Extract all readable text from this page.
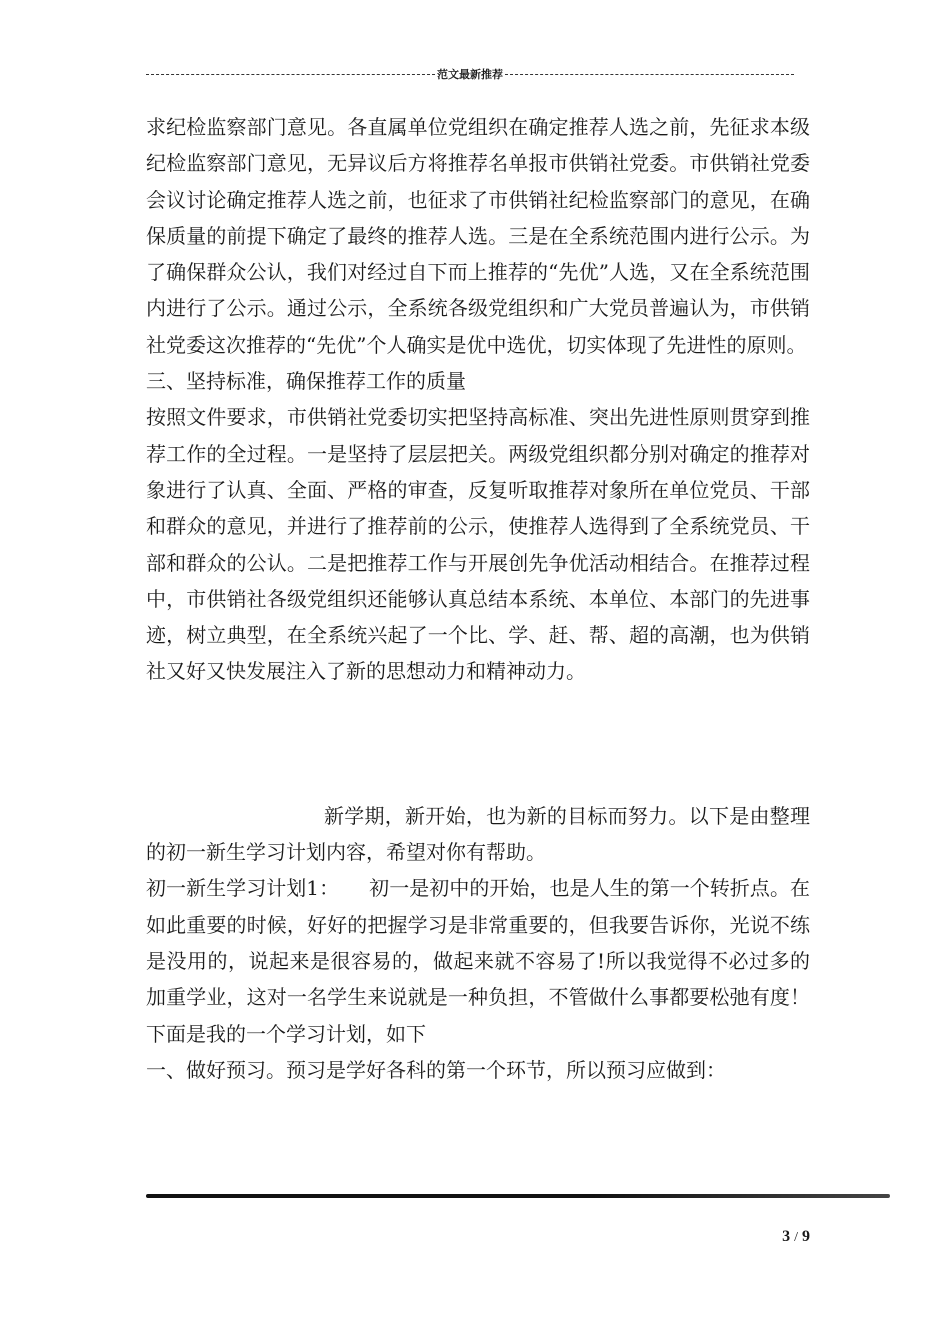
范文最新推荐

求纪检监察部门意见。各直属单位党组织在确定推荐人选之前，先征求本级纪检监察部门意见，无异议后方将推荐名单报市供销社党委。市供销社党委会议讨论确定推荐人选之前，也征求了市供销社纪检监察部门的意见，在确保质量的前提下确定了最终的推荐人选。三是在全系统范围内进行公示。为了确保群众公认，我们对经过自下而上推荐的“先优”人选，又在全系统范围内进行了公示。通过公示，全系统各级党组织和广大党员普遍认为，市供销社党委这次推荐的“先优”个人确实是优中选优，切实体现了先进性的原则。

三、坚持标准，确保推荐工作的质量

按照文件要求，市供销社党委切实把坚持高标准、突出先进性原则贯穿到推荐工作的全过程。一是坚持了层层把关。两级党组织都分别对确定的推荐对象进行了认真、全面、严格的审查，反复听取推荐对象所在单位党员、干部和群众的意见，并进行了推荐前的公示，使推荐人选得到了全系统党员、干部和群众的公认。二是把推荐工作与开展创先争优活动相结合。在推荐过程中，市供销社各级党组织还能够认真总结本系统、本单位、本部门的先进事迹，树立典型，在全系统兴起了一个比、学、赶、帮、超的高潮，也为供销社又好又快发展注入了新的思想动力和精神动力。

新学期，新开始，也为新的目标而努力。以下是由整理的初一新生学习计划内容，希望对你有帮助。

初一新生学习计划1：　　初一是初中的开始，也是人生的第一个转折点。在如此重要的时候，好好的把握学习是非常重要的，但我要告诉你，光说不练是没用的，说起来是很容易的，做起来就不容易了!所以我觉得不必过多的加重学业，这对一名学生来说就是一种负担，不管做什么事都要松弛有度！下面是我的一个学习计划，如下

一、做好预习。预习是学好各科的第一个环节，所以预习应做到：

3 / 9
